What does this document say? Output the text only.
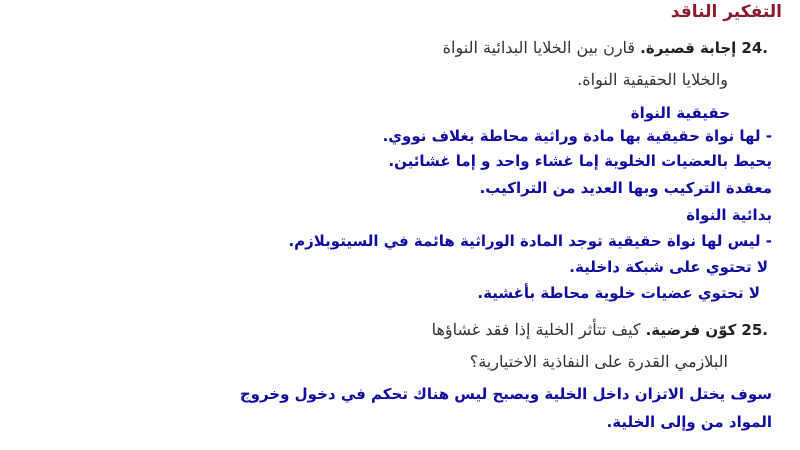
التفكير الناقد
24. إجابة قصيرة. قارن بين الخلايا البدائية النواة
والخلايا الحقيقية النواة.
حقيقية النواة
- لها نواة حقيقية بها مادة وراثية محاطة بغلاف نووي.
يحيط بالعضيات الخلوية إما غشاء واحد و إما غشائين.
معقدة التركيب وبها العديد من التراكيب.
بدائية النواة
- ليس لها نواة حقيقية توجد المادة الوراثية هائمة في السيتوبلازم.
لا تحتوي على شبكة داخلية.
لا تحتوي عضيات خلوية محاطة بأغشية.
25. كوّن فرضية. كيف تتأثر الخلية إذا فقد غشاؤها
البلازمي القدرة على النفاذية الاختيارية؟
سوف يختل الاتزان داخل الخلية ويصبح ليس هناك تحكم في دخول وخروج
المواد من وإلى الخلية.
